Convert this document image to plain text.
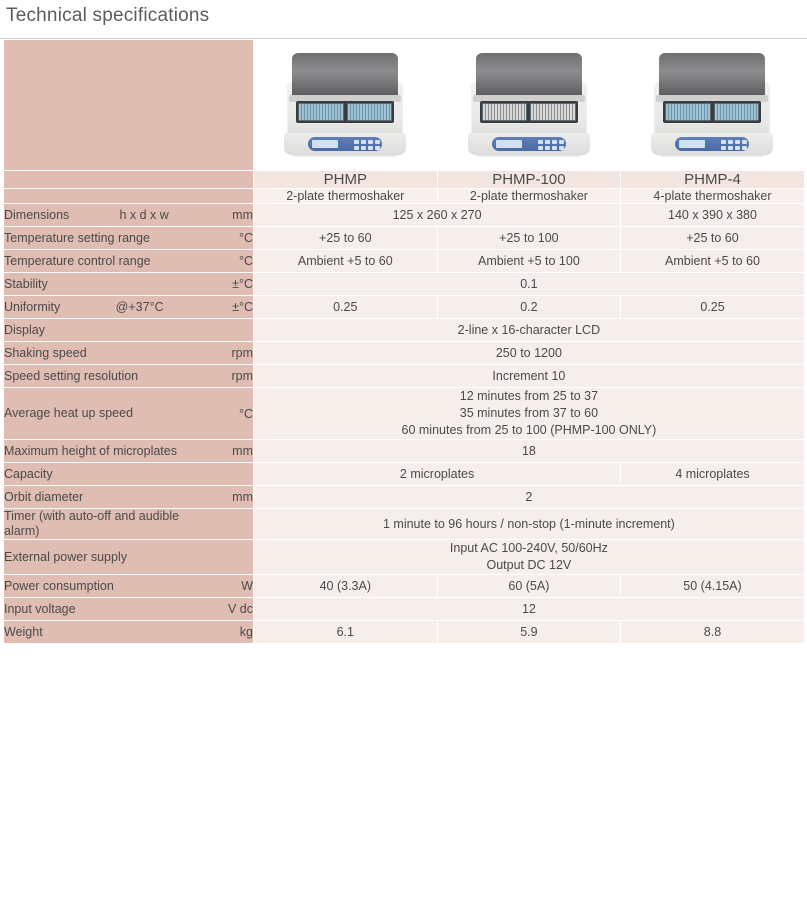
Technical specifications

	PHMP	PHMP-100	PHMP-4
	2-plate thermoshaker	2-plate thermoshaker	4-plate thermoshaker

Dimensions h x d x w mm	125 x 260 x 270		140 x 390 x 380

Temperature setting range °C	+25 to 60	+25 to 100	+25 to 60

Temperature control range °C	Ambient +5 to 60	Ambient +5 to 100	Ambient +5 to 60

Stability ±°C	0.1		

Uniformity @+37°C ±°C	0.25	0.2	0.25

Display	2-line x 16-character LCD		

Shaking speed rpm	250 to 1200		

Speed setting resolution rpm	Increment 10		

Average heat up speed °C	12 minutes from 25 to 37
35 minutes from 37 to 60
60 minutes from 25 to 100 (PHMP-100 ONLY)		

Maximum height of microplates mm	18		

Capacity	2 microplates		4 microplates

Orbit diameter mm	2		

Timer (with auto-off and audible alarm)	1 minute to 96 hours / non-stop (1-minute increment)		

External power supply	Input AC 100-240V, 50/60Hz
Output DC 12V		

Power consumption W	40 (3.3A)	60 (5A)	50 (4.15A)

Input voltage V dc	12		

Weight kg	6.1	5.9	8.8
